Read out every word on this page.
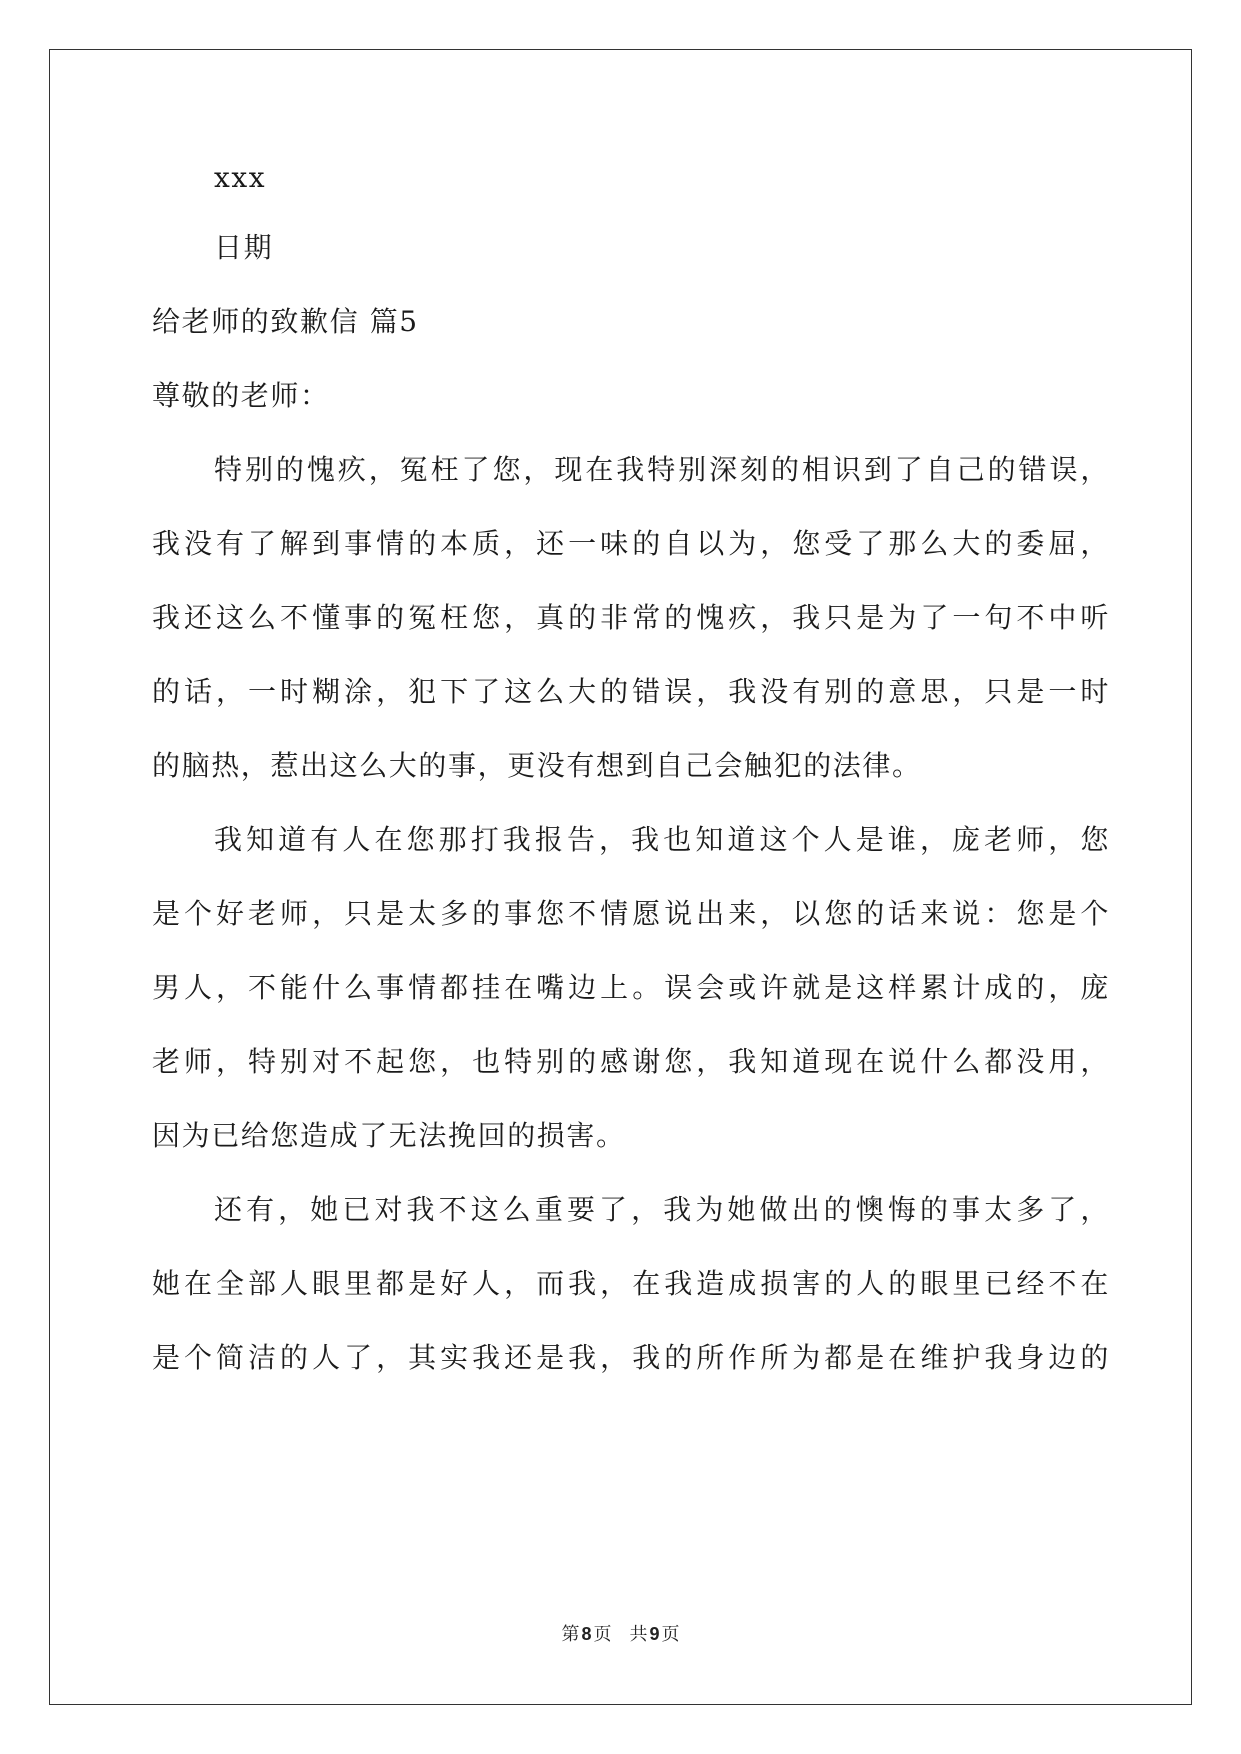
xxx
日期
给老师的致歉信 篇5
尊敬的老师：
特别的愧疚，冤枉了您，现在我特别深刻的相识到了自己的错误，
我没有了解到事情的本质，还一味的自以为，您受了那么大的委屈，
我还这么不懂事的冤枉您，真的非常的愧疚，我只是为了一句不中听
的话，一时糊涂，犯下了这么大的错误，我没有别的意思，只是一时
的脑热，惹出这么大的事，更没有想到自己会触犯的法律。
我知道有人在您那打我报告，我也知道这个人是谁，庞老师，您
是个好老师，只是太多的事您不情愿说出来，以您的话来说：您是个
男人，不能什么事情都挂在嘴边上。误会或许就是这样累计成的，庞
老师，特别对不起您，也特别的感谢您，我知道现在说什么都没用，
因为已给您造成了无法挽回的损害。
还有，她已对我不这么重要了，我为她做出的懊悔的事太多了，
她在全部人眼里都是好人，而我，在我造成损害的人的眼里已经不在
是个简洁的人了，其实我还是我，我的所作所为都是在维护我身边的
第 8 页 共 9 页
